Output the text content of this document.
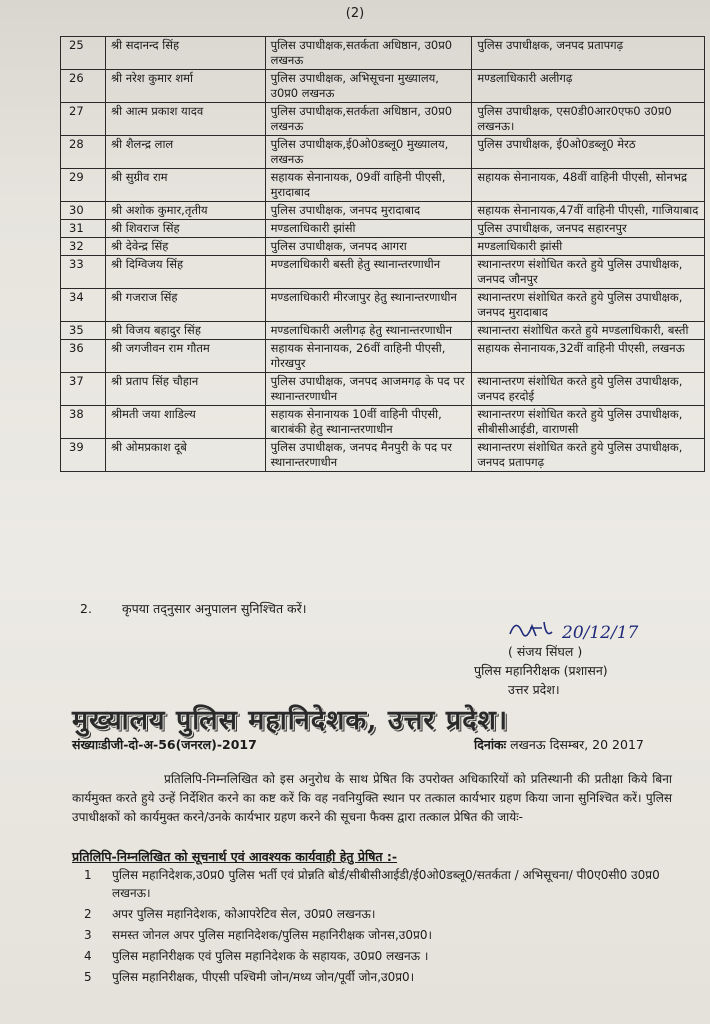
(2)
25	श्री सदानन्द सिंह	पुलिस उपाधीक्षक,सतर्कता अधिष्ठान, उ0प्र0 लखनऊ	पुलिस उपाधीक्षक, जनपद प्रतापगढ़
26	श्री नरेश कुमार शर्मा	पुलिस उपाधीक्षक, अभिसूचना मुख्यालय, उ0प्र0 लखनऊ	मण्डलाधिकारी अलीगढ़
27	श्री आत्म प्रकाश यादव	पुलिस उपाधीक्षक,सतर्कता अधिष्ठान, उ0प्र0 लखनऊ	पुलिस उपाधीक्षक, एस0डी0आर0एफ0 उ0प्र0 लखनऊ।
28	श्री शैलन्द्र लाल	पुलिस उपाधीक्षक,ई0ओ0डब्लू0 मुख्यालय, लखनऊ	पुलिस उपाधीक्षक, ई0ओ0डब्लू0 मेरठ
29	श्री सुग्रीव राम	सहायक सेनानायक, 09वीं वाहिनी पीएसी, मुरादाबाद	सहायक सेनानायक, 48वीं वाहिनी पीएसी, सोनभद्र
30	श्री अशोक कुमार,तृतीय	पुलिस उपाधीक्षक, जनपद मुरादाबाद	सहायक सेनानायक,47वीं वाहिनी पीएसी, गाजियाबाद
31	श्री शिवराज सिंह	मण्डलाधिकारी झांसी	पुलिस उपाधीक्षक, जनपद सहारनपुर
32	श्री देवेन्द्र सिंह	पुलिस उपाधीक्षक, जनपद आगरा	मण्डलाधिकारी झांसी
33	श्री दिग्विजय सिंह	मण्डलाधिकारी बस्ती हेतु स्थानान्तरणाधीन	स्थानान्तरण संशोधित करते हुये पुलिस उपाधीक्षक, जनपद जौनपुर
34	श्री गजराज सिंह	मण्डलाधिकारी मीरजापुर हेतु स्थानान्तरणाधीन	स्थानान्तरण संशोधित करते हुये पुलिस उपाधीक्षक, जनपद मुरादाबाद
35	श्री विजय बहादुर सिंह	मण्डलाधिकारी अलीगढ़ हेतु स्थानान्तरणाधीन	स्थानान्तरा संशोधित करते हुये मण्डलाधिकारी, बस्ती
36	श्री जगजीवन राम गौतम	सहायक सेनानायक, 26वीं वाहिनी पीएसी, गोरखपुर	सहायक सेनानायक,32वीं वाहिनी पीएसी, लखनऊ
37	श्री प्रताप सिंह चौहान	पुलिस उपाधीक्षक, जनपद आजमगढ़ के पद पर स्थानान्तरणाधीन	स्थानान्तरण संशोधित करते हुये पुलिस उपाधीक्षक, जनपद हरदोई
38	श्रीमती जया शाडिल्य	सहायक सेनानायक 10वीं वाहिनी पीएसी, बाराबंकी हेतु स्थानान्तरणाधीन	स्थानान्तरण संशोधित करते हुये पुलिस उपाधीक्षक, सीबीसीआईडी, वाराणसी
39	श्री ओमप्रकाश दूबे	पुलिस उपाधीक्षक, जनपद मैनपुरी के पद पर स्थानान्तरणाधीन	स्थानान्तरण संशोधित करते हुये पुलिस उपाधीक्षक, जनपद प्रतापगढ़
2. कृपया तद्नुसार अनुपालन सुनिश्चित करें।
20/12/17
( संजय सिंघल )
पुलिस महानिरीक्षक (प्रशासन)
उत्तर प्रदेश।
मुख्यालय पुलिस महानिदेशक, उत्तर प्रदेश।
संख्याःडीजी-दो-अ-56(जनरल)-2017	दिनांकः लखनऊ दिसम्बर, 20 2017
प्रतिलिपि-निम्नलिखित को इस अनुरोध के साथ प्रेषित कि उपरोक्त अधिकारियों को प्रतिस्थानी की प्रतीक्षा किये बिना कार्यमुक्त करते हुये उन्हें निर्देशित करने का कष्ट करें कि वह नवनियुक्ति स्थान पर तत्काल कार्यभार ग्रहण किया जाना सुनिश्चित करें। पुलिस उपाधीक्षकों को कार्यमुक्त करने/उनके कार्यभार ग्रहण करने की सूचना फैक्स द्वारा तत्काल प्रेषित की जायेः-
प्रतिलिपि-निम्नलिखित को सूचनार्थ एवं आवश्यक कार्यवाही हेतु प्रेषित :-
1	पुलिस महानिदेशक,उ0प्र0 पुलिस भर्ती एवं प्रोन्नति बोर्ड/सीबीसीआईडी/ई0ओ0डब्लू0/सतर्कता / अभिसूचना/ पी0ए0सी0 उ0प्र0 लखनऊ।
2	अपर पुलिस महानिदेशक, कोआपरेटिव सेल, उ0प्र0 लखनऊ।
3	समस्त जोनल अपर पुलिस महानिदेशक/पुलिस महानिरीक्षक जोनस,उ0प्र0।
4	पुलिस महानिरीक्षक एवं पुलिस महानिदेशक के सहायक, उ0प्र0 लखनऊ ।
5	पुलिस महानिरीक्षक, पीएसी पश्चिमी जोन/मध्य जोन/पूर्वी जोन,उ0प्र0।
